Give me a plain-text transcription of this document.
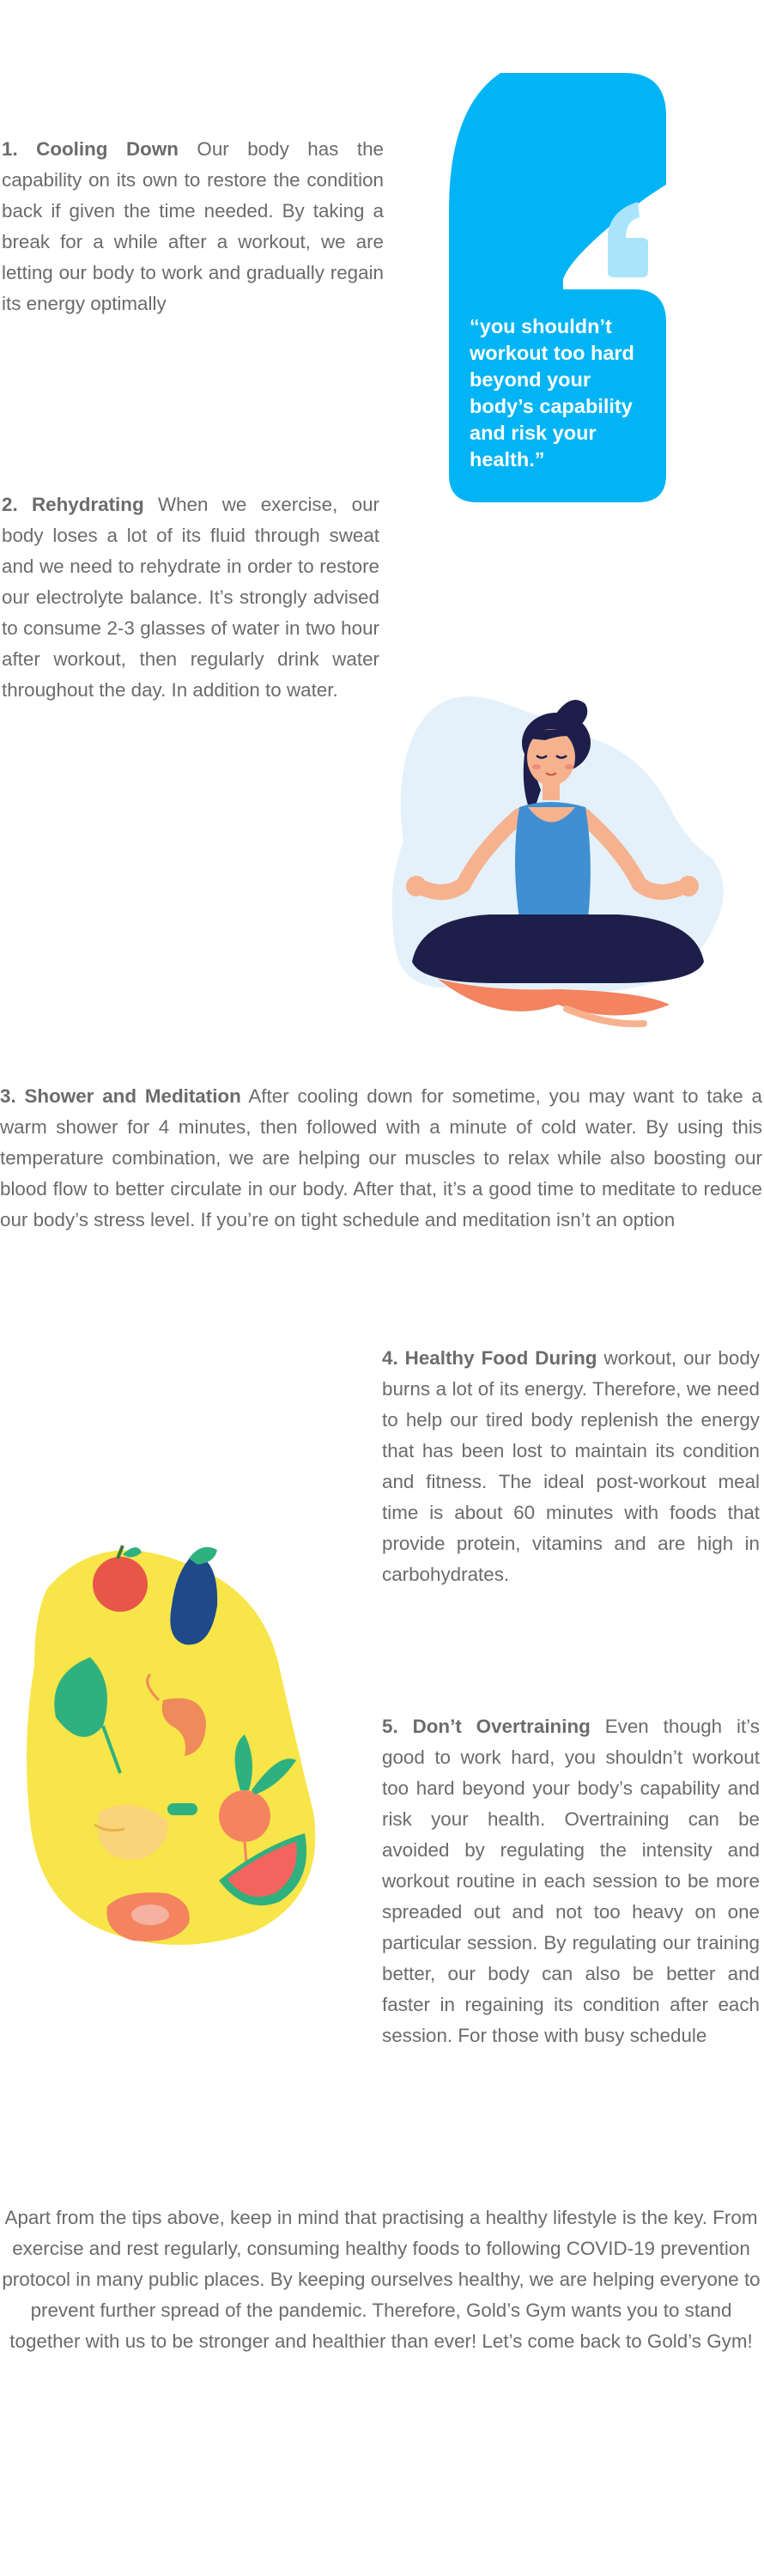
1. Cooling Down Our body has the capability on its own to restore the condition back if given the time needed. By taking a break for a while after a workout, we are letting our body to work and gradually regain its energy optimally
“you shouldn’t workout too hard beyond your body’s capability and risk your health.”
2. Rehydrating When we exercise, our body loses a lot of its fluid through sweat and we need to rehydrate in order to restore our electrolyte balance. It’s strongly advised to consume 2-3 glasses of water in two hour after workout, then regularly drink water throughout the day. In addition to water.
3. Shower and Meditation After cooling down for sometime, you may want to take a warm shower for 4 minutes, then followed with a minute of cold water. By using this temperature combination, we are helping our muscles to relax while also boosting our blood flow to better circulate in our body. After that, it’s a good time to meditate to reduce our body’s stress level. If you’re on tight schedule and meditation isn’t an option
4. Healthy Food During workout, our body burns a lot of its energy. Therefore, we need to help our tired body replenish the energy that has been lost to maintain its condition and fitness. The ideal post-workout meal time is about 60 minutes with foods that provide protein, vitamins and are high in carbohydrates.
5. Don’t Overtraining Even though it’s good to work hard, you shouldn’t workout too hard beyond your body’s capability and risk your health. Overtraining can be avoided by regulating the intensity and workout routine in each session to be more spreaded out and not too heavy on one particular session. By regulating our training better, our body can also be better and faster in regaining its condition after each session. For those with busy schedule
Apart from the tips above, keep in mind that practising a healthy lifestyle is the key. From exercise and rest regularly, consuming healthy foods to following COVID-19 prevention protocol in many public places. By keeping ourselves healthy, we are helping everyone to prevent further spread of the pandemic. Therefore, Gold’s Gym wants you to stand together with us to be stronger and healthier than ever! Let’s come back to Gold’s Gym!
